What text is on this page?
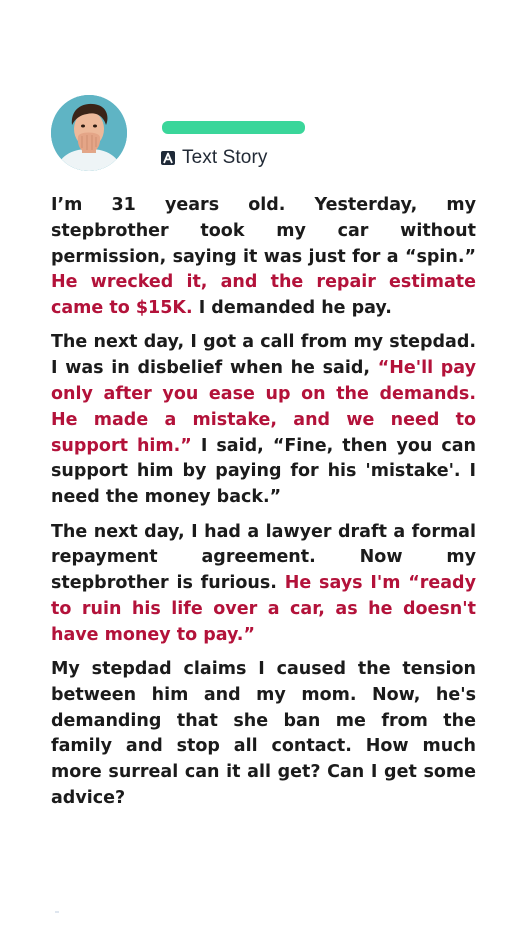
Text Story

I’m 31 years old. Yesterday, my stepbrother took my car without permission, saying it was just for a “spin.” He wrecked it, and the repair estimate came to $15K. I demanded he pay.

The next day, I got a call from my stepdad. I was in disbelief when he said, “He'll pay only after you ease up on the demands. He made a mistake, and we need to support him.” I said, “Fine, then you can support him by paying for his 'mistake'. I need the money back.”

The next day, I had a lawyer draft a formal repayment agreement. Now my stepbrother is furious. He says I'm “ready to ruin his life over a car, as he doesn't have money to pay.”

My stepdad claims I caused the tension between him and my mom. Now, he's demanding that she ban me from the family and stop all contact. How much more surreal can it all get? Can I get some advice?
